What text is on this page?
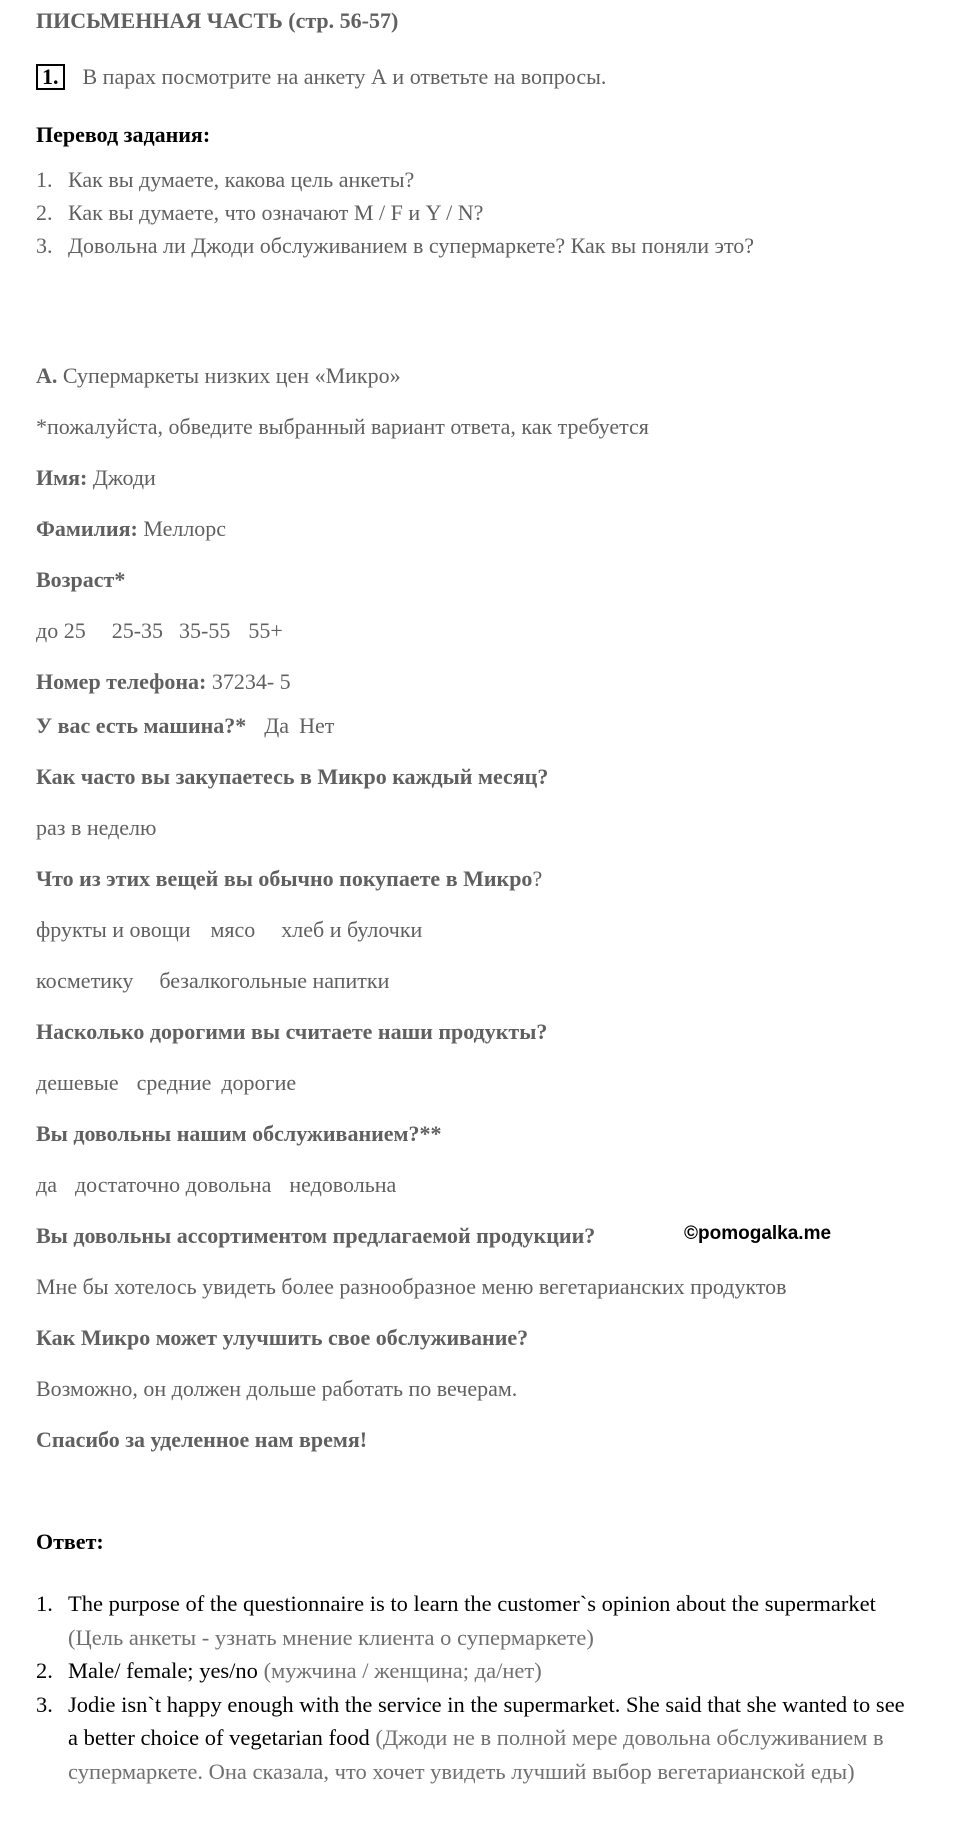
ПИСЬМЕННАЯ ЧАСТЬ (стр. 56-57)
1. В парах посмотрите на анкету А и ответьте на вопросы.
Перевод задания:
1. Как вы думаете, какова цель анкеты?
2. Как вы думаете, что означают M / F и Y / N?
3. Довольна ли Джоди обслуживанием в супермаркете? Как вы поняли это?
А. Супермаркеты низких цен «Микро»
*пожалуйста, обведите выбранный вариант ответа, как требуется
Имя: Джоди
Фамилия: Меллорс
Возраст*
до 25 25-35 35-55 55+
Номер телефона: 37234- 5
У вас есть машина?* Да Нет
Как часто вы закупаетесь в Микро каждый месяц?
раз в неделю
Что из этих вещей вы обычно покупаете в Микро?
фрукты и овощи мясо хлеб и булочки
косметику безалкогольные напитки
Насколько дорогими вы считаете наши продукты?
дешевые средние дорогие
Вы довольны нашим обслуживанием?**
да достаточно довольна недовольна
Вы довольны ассортиментом предлагаемой продукции?	©pomogalka.me
Мне бы хотелось увидеть более разнообразное меню вегетарианских продуктов
Как Микро может улучшить свое обслуживание?
Возможно, он должен дольше работать по вечерам.
Спасибо за уделенное нам время!
Ответ:
1. The purpose of the questionnaire is to learn the customer`s opinion about the supermarket (Цель анкеты - узнать мнение клиента о супермаркете)
2. Male/ female; yes/no (мужчина / женщина; да/нет)
3. Jodie isn`t happy enough with the service in the supermarket. She said that she wanted to see a better choice of vegetarian food (Джоди не в полной мере довольна обслуживанием в супермаркете. Она сказала, что хочет увидеть лучший выбор вегетарианской еды)
